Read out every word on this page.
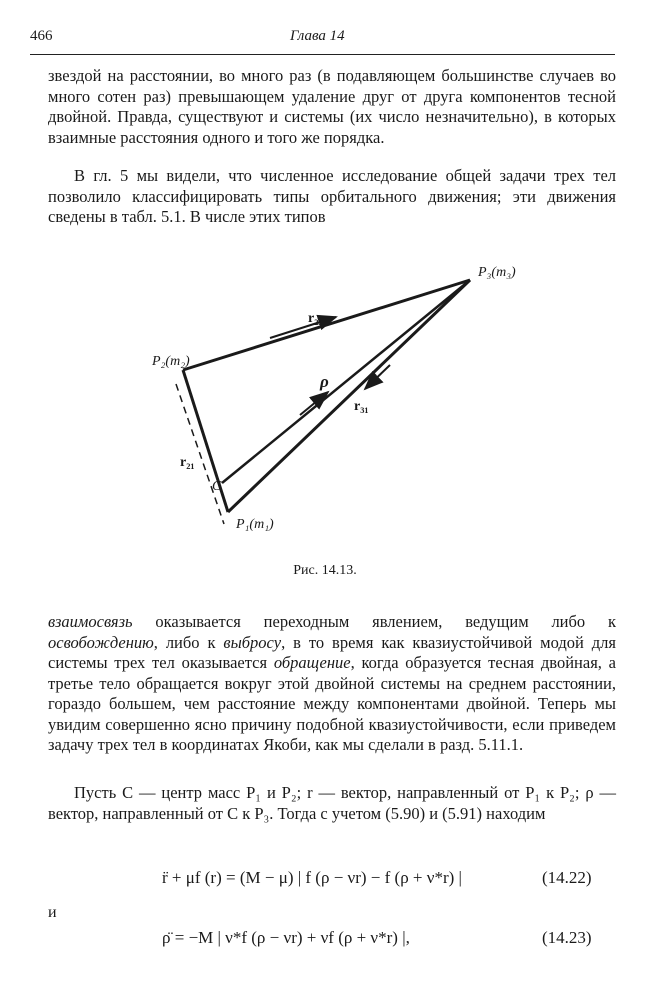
466	Глава 14

звездой на расстоянии, во много раз (в подавляющем большинстве случаев во много сотен раз) превышающем удаление друг от друга компонентов тесной двойной. Правда, существуют и системы (их число незначительно), в которых взаимные расстояния одного и того же порядка.

В гл. 5 мы видели, что численное исследование общей задачи трех тел позволило классифицировать типы орбитального движения; эти движения сведены в табл. 5.1. В числе этих типов

P₃(m₃)
P₂(m₂)
P₁(m₁)
C
r₂₃
ρ
r₃₁
r₂₁
Рис. 14.13.

взаимосвязь оказывается переходным явлением, ведущим либо к освобождению, либо к выбросу, в то время как квазиустойчивой модой для системы трех тел оказывается обращение, когда образуется тесная двойная, а третье тело обращается вокруг этой двойной системы на среднем расстоянии, гораздо большем, чем расстояние между компонентами двойной. Теперь мы увидим совершенно ясно причину подобной квазиустойчивости, если приведем задачу трех тел в координатах Якоби, как мы сделали в разд. 5.11.1.

Пусть C — центр масс P₁ и P₂; r — вектор, направленный от P₁ к P₂; ρ — вектор, направленный от C к P₃. Тогда с учетом (5.90) и (5.91) находим

r̈ + μf (r) = (M − μ) | f (ρ − νr) − f (ρ + ν*r) |	(14.22)
и
ρ̈ = −M | ν*f (ρ − νr) + νf (ρ + ν*r) |,	(14.23)
